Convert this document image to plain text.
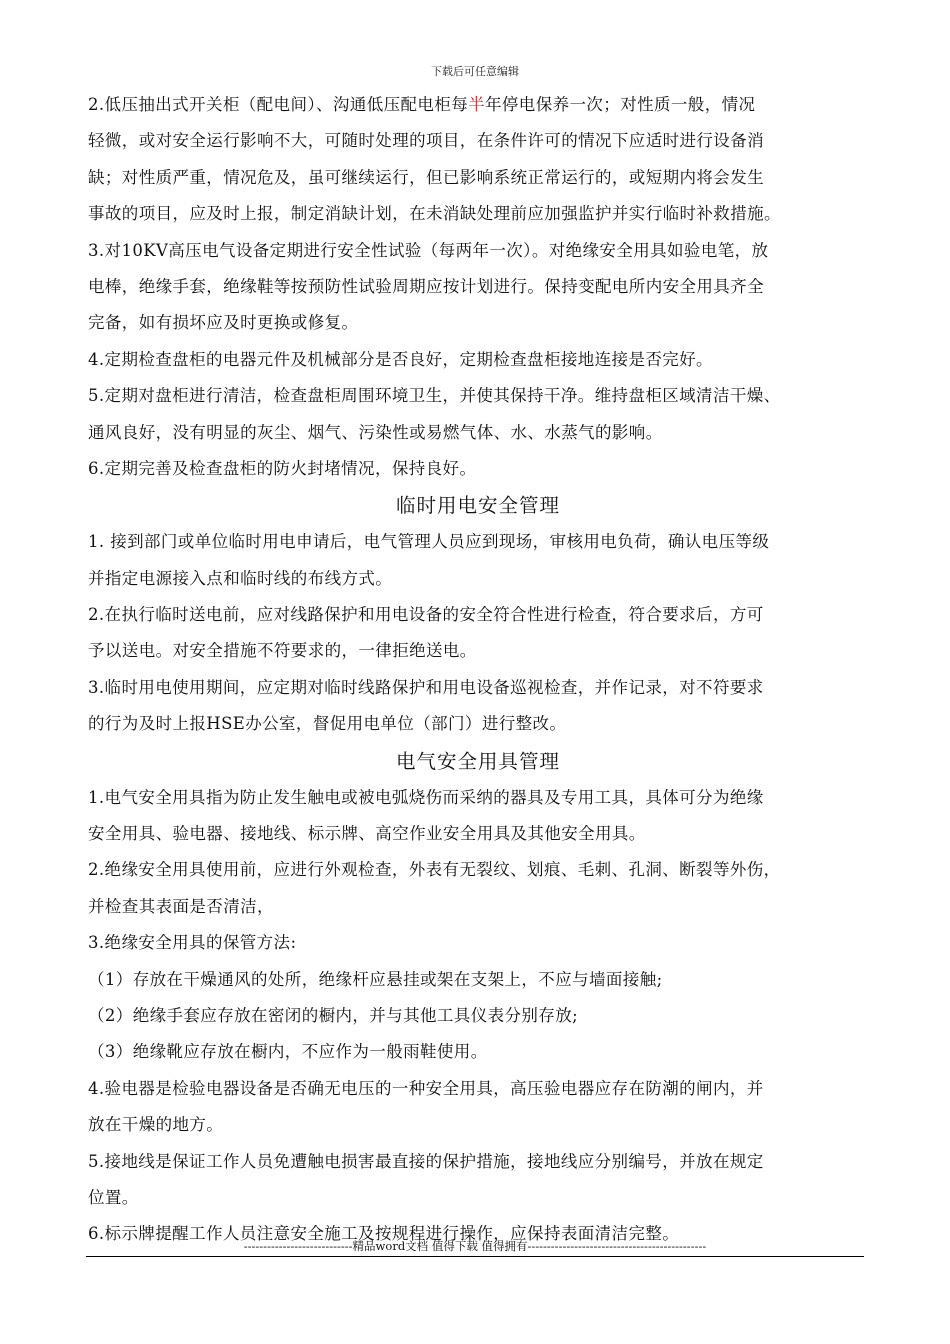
下载后可任意编辑
2.低压抽出式开关柜（配电间）、沟通低压配电柜每半年停电保养一次；对性质一般，情况
轻微，或对安全运行影响不大，可随时处理的项目，在条件许可的情况下应适时进行设备消
缺；对性质严重，情况危及，虽可继续运行，但已影响系统正常运行的，或短期内将会发生
事故的项目，应及时上报，制定消缺计划，在未消缺处理前应加强监护并实行临时补救措施。
3.对10KV高压电气设备定期进行安全性试验（每两年一次）。对绝缘安全用具如验电笔，放
电棒，绝缘手套，绝缘鞋等按预防性试验周期应按计划进行。保持变配电所内安全用具齐全
完备，如有损坏应及时更换或修复。
4.定期检查盘柜的电器元件及机械部分是否良好，定期检查盘柜接地连接是否完好。
5.定期对盘柜进行清洁，检查盘柜周围环境卫生，并使其保持干净。维持盘柜区域清洁干燥、
通风良好，没有明显的灰尘、烟气、污染性或易燃气体、水、水蒸气的影响。
6.定期完善及检查盘柜的防火封堵情况，保持良好。
临时用电安全管理
1. 接到部门或单位临时用电申请后，电气管理人员应到现场，审核用电负荷，确认电压等级
并指定电源接入点和临时线的布线方式。
2.在执行临时送电前，应对线路保护和用电设备的安全符合性进行检查，符合要求后，方可
予以送电。对安全措施不符要求的，一律拒绝送电。
3.临时用电使用期间，应定期对临时线路保护和用电设备巡视检查，并作记录，对不符要求
的行为及时上报HSE办公室，督促用电单位（部门）进行整改。
电气安全用具管理
1.电气安全用具指为防止发生触电或被电弧烧伤而采纳的器具及专用工具，具体可分为绝缘
安全用具、验电器、接地线、标示牌、高空作业安全用具及其他安全用具。
2.绝缘安全用具使用前，应进行外观检查，外表有无裂纹、划痕、毛刺、孔洞、断裂等外伤，
并检查其表面是否清洁，
3.绝缘安全用具的保管方法:
（1）存放在干燥通风的处所，绝缘杆应悬挂或架在支架上，不应与墙面接触;
（2）绝缘手套应存放在密闭的橱内，并与其他工具仪表分别存放;
（3）绝缘靴应存放在橱内，不应作为一般雨鞋使用。
4.验电器是检验电器设备是否确无电压的一种安全用具，高压验电器应存在防潮的闸内，并
放在干燥的地方。
5.接地线是保证工作人员免遭触电损害最直接的保护措施，接地线应分别编号，并放在规定
位置。
6.标示牌提醒工作人员注意安全施工及按规程进行操作，应保持表面清洁完整。
----------------------------精品word文档 值得下载 值得拥有----------------------------------------------
